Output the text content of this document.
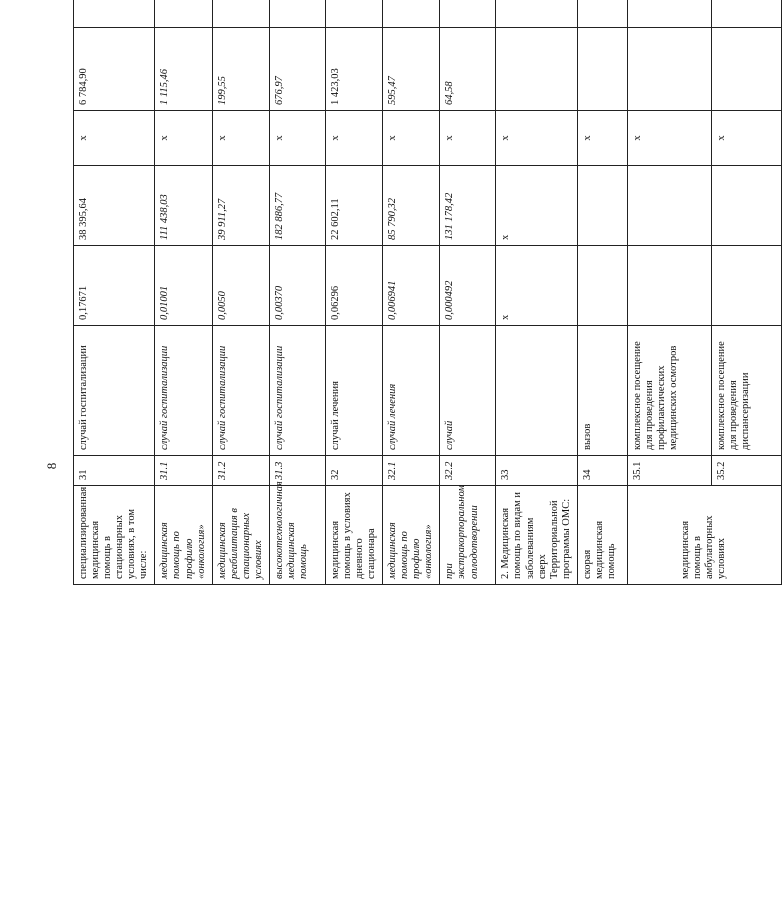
8
специализированная медицинская помощь в стационарных условиях, в том числе:	31	случай госпитализации	0,17671	38 395,64	х	6 784,90			
медицинская помощь по профилю «онкология»	31.1	случай госпитализации	0,01001	111 438,03	х	1 115,46			
медицинская реабилитация в стационарных условиях	31.2	случай госпитализации	0,0050	39 911,27	х	199,55			
высокотехнологичная медицинская помощь	31.3	случай госпитализации	0,00370	182 886,77	х	676,97			
медицинская помощь в условиях дневного стационара	32	случай лечения	0,06296	22 602,11	х	1 423,03			
медицинская помощь по профилю «онкология»	32.1	случай лечения	0,006941	85 790,32	х	595,47			
при экстракорпоральном оплодотворении	32.2	случай	0,000492	131 178,42	х	64,58			
2. Медицинская помощь по видам и заболеваниям сверх Территориальной программы ОМС:	33		х	х	х				
скорая медицинская помощь	34	вызов			х				
медицинская помощь в амбулаторных условиях	35.1	комплексное посещение для проведения профилактических медицинских осмотров			х				
	35.2	комплексное посещение для проведения диспансеризации			х				
